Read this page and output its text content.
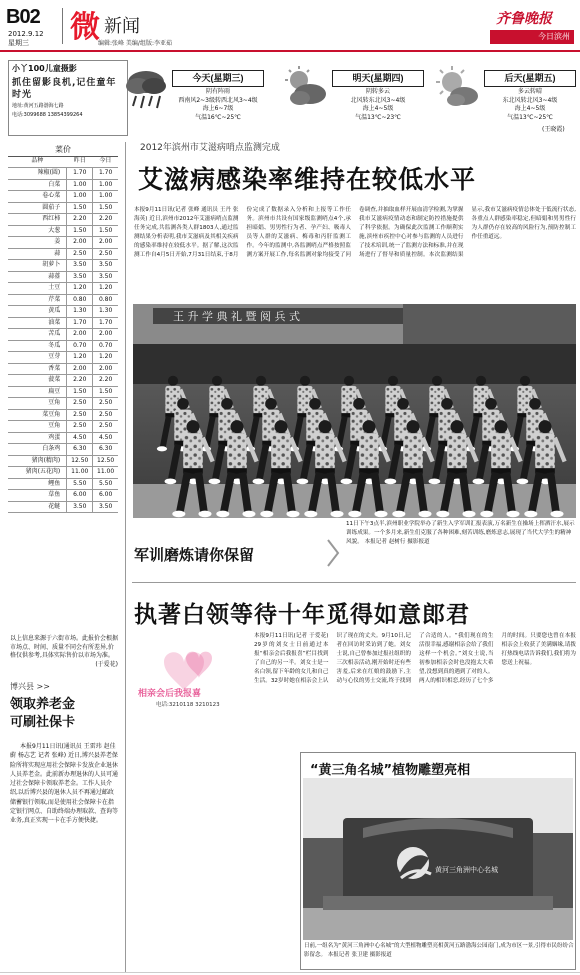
B02
2012.9.12
星期三	微 新闻
编辑:张峰 美编/组版:李亚茹
齐鲁晚报
今日滨州
小丫100儿童摄影
抓住留影良机,记住童年时光
地址:黄河五路渤海七路
电话:3099688 13854399264
今天(星期三)
阴有阵雨
西南风2~3级转西北风3~4级
海上6~7级
气温16℃~25℃
明天(星期四)
阴转多云
北风转东北风3~4级
海上4~5级
气温13℃~23℃
后天(星期五)
多云转晴
东北风转北风3~4级
海上4~5级
气温13℃~25℃
(王晓霞)
菜价
品种	昨日	今日
辣椒(圆)	1.70	1.70
白菜	1.00	1.00
卷心菜	1.00	1.00
圆茄子	1.50	1.50
西红柿	2.20	2.20
大葱	1.50	1.50
姜	2.00	2.00
蒜	2.50	2.50
胡萝卜	3.50	3.50
蒜薹	3.50	3.50
土豆	1.20	1.20
芹菜	0.80	0.80
黄瓜	1.30	1.30
油菜	1.70	1.70
苦瓜	2.00	2.00
冬瓜	0.70	0.70
豆芽	1.20	1.20
香菜	2.00	2.00
菠菜	2.20	2.20
扁豆	1.50	1.50
豆角	2.50	2.50
菜豆角	2.50	2.50
豆角	2.50	2.50
鸡蛋	4.50	4.50
白条鸡	6.30	6.30
猪肉(精肉)	12.50	12.50
猪肉(五花肉)	11.00	11.00
鲤鱼	5.50	5.50
草鱼	6.00	6.00
花鲢	3.50	3.50
以上信息来源于六街市场。此报价会根据市场点、时间、质量不同会有所差异,价格仅供参考,具体实际售价以市场为准。
(于爱花)
博兴县 >>
领取养老金
可刷社保卡
本报9月11日讯(通讯员 王雷玮 赵佳蔚 杨志艺 记者 张峰) 近日,博兴县养老保险所将实现应用社会保障卡发放企业退休人员养老金。此前新办理退休的人员可通过社会保障卡领取养老金。工作人员介绍,以后博兴县的退休人员不再通过邮政储蓄银行领取,而是使用社会保障卡在指定银行网点、自助终端办理取款、查询等业务,真正实现一卡在手方便快捷。
2012年滨州市艾滋病哨点监测完成
艾滋病感染率维持在较低水平
本报9月11日讯(记者 张峰 通讯员 王丹 张海英) 近日,滨州市2012年艾滋病哨点监测任务完成,共监测各类人群1803人,通过监测结果分析表明,我市艾滋病及其相关疾病的感染率维持在较低水平。据了解,这次监测工作自4月5日开始,7月31日结束,于8月份完成了数据录入分析和上报等工作任务。滨州市共设有国家级监测哨点4个,承担暗娼、男男性行为者、孕产妇、吸毒人员等人群的艾滋病、梅毒和丙肝监测工作。今年的监测中,各监测哨点严格按照监测方案开展工作,每名监测对象均接受了问卷调查,并抽取血样开展血清学检测,为掌握我市艾滋病疫情动态和制定防控措施提供了科学依据。为确保此次监测工作顺利实施,滨州市疾控中心对参与监测的人员进行了技术培训,统一了监测方法和标准,并在现场进行了督导和质量控制。本次监测结果显示,我市艾滋病疫情总体处于低流行状态,各重点人群感染率稳定,但暗娼和男男性行为人群仍存在较高的风险行为,预防控制工作任重道远。
王 升 学 典 礼 暨 阅 兵 式
11日下午3点半,滨州职业学院举办了新生入学军训汇报表演,万名新生在操场上挥洒汗水,展示训练成果。一个多月来,新生们克服了各种困难,刻苦训练,磨炼意志,展现了当代大学生的精神风貌。 本报记者 赵树行 摄影报道
军训磨炼请你保留
执著白领等待十年觅得如意郎君
相亲会后我报喜
电话:3210118 3210123
本报9月11日讯(记者 于爱花) 29岁的刘女士日前通过本报“相亲会后我报喜”栏目找到了自己的另一半。刘女士是一名白领,留下年龄的女儿和自己生活。32岁时她在相亲会上认识了现在的丈夫。9月10日,记者在回访时采访到了她。刘女士说,自己曾参加过报社组织的三次相亲活动,刚开始时还有些害羞,后来在红娘的鼓励下,主动与心仪的男士交流,终于找到了合适的人。“我们现在的生活很幸福,感谢相亲会给了我们这样一个机会。”刘女士说,当初参加相亲会时也没抱太大希望,没想到真的遇到了对的人。两人的相识相恋,经历了七个多月的时间。只要您也曾在本报相亲会上收获了美满姻缘,请拨打热线电话告诉我们,我们将为您送上祝福。
“黄三角名城”植物雕塑亮相
黄河三角洲中心名城
日前,一组名为“黄河三角洲中心名城”的大型植物雕塑亮相黄河五路渤海公园南门,成为市区一景,引得市民纷纷合影留念。 本报记者 张卫建 摄影报道
